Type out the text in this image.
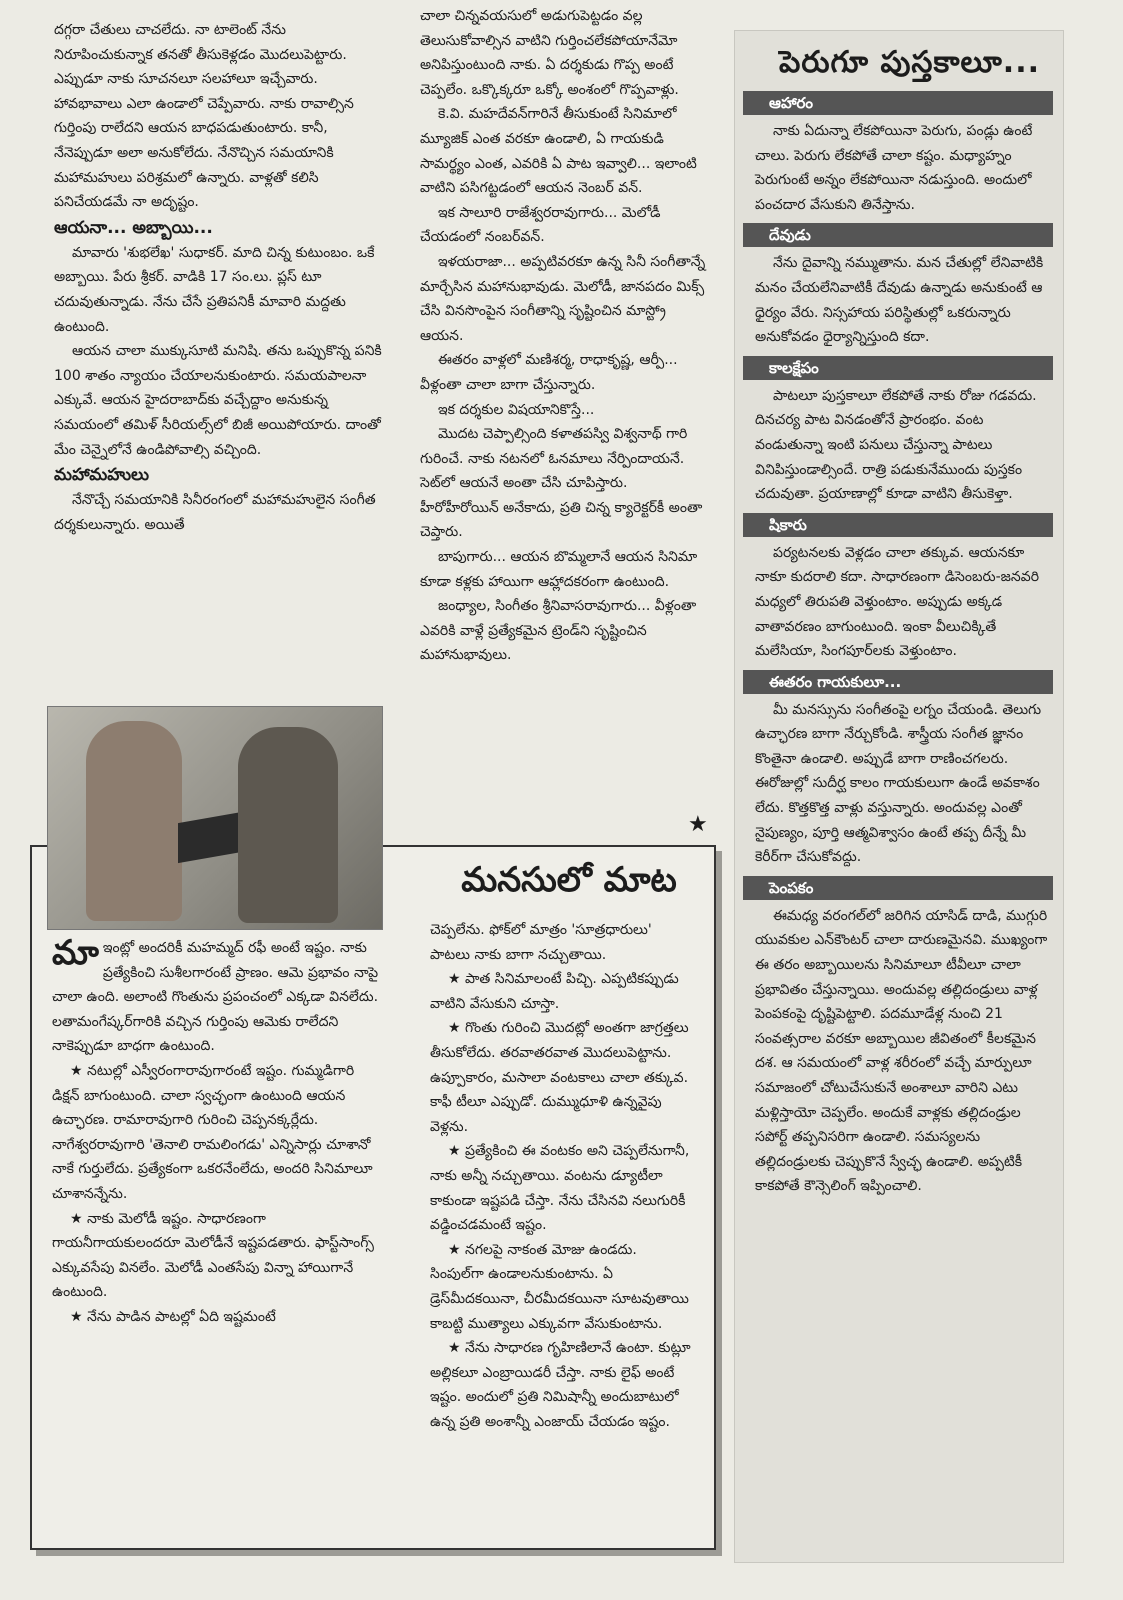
దగ్గరా చేతులు చాచలేదు. నా టాలెంట్ నేను నిరూపించుకున్నాక తనతో తీసుకెళ్లడం మొదలుపెట్టారు. ఎప్పుడూ నాకు సూచనలూ సలహాలూ ఇచ్చేవారు. హావభావాలు ఎలా ఉండాలో చెప్పేవారు. నాకు రావాల్సిన గుర్తింపు రాలేదని ఆయన బాధపడుతుంటారు. కానీ, నేనెప్పుడూ అలా అనుకోలేదు. నేనొచ్చిన సమయానికి మహామహులు పరిశ్రమలో ఉన్నారు. వాళ్లతో కలిసి పనిచేయడమే నా అదృష్టం.

ఆయనా... అబ్బాయి...

మావారు 'శుభలేఖ' సుధాకర్. మాది చిన్న కుటుంబం. ఒకే అబ్బాయి. పేరు శ్రీకర్. వాడికి 17 సం.లు. ప్లస్ టూ చదువుతున్నాడు. నేను చేసే ప్రతిపనికీ మావారి మద్దతు ఉంటుంది.

ఆయన చాలా ముక్కుసూటి మనిషి. తను ఒప్పుకొన్న పనికి 100 శాతం న్యాయం చేయాలనుకుంటారు. సమయపాలనా ఎక్కువే. ఆయన హైదరాబాద్‌కు వచ్చేద్దాం అనుకున్న సమయంలో తమిళ్ సీరియల్స్‌లో బిజీ అయిపోయారు. దాంతో మేం చెన్నైలోనే ఉండిపోవాల్సి వచ్చింది.

మహామహులు

నేనొచ్చే సమయానికి సినీరంగంలో మహామహులైన సంగీత దర్శకులున్నారు. అయితే

చాలా చిన్నవయసులో అడుగుపెట్టడం వల్ల తెలుసుకోవాల్సిన వాటిని గుర్తించలేకపోయానేమో అనిపిస్తుంటుంది నాకు. ఏ దర్శకుడు గొప్ప అంటే చెప్పలేం. ఒక్కొక్కరూ ఒక్కో అంశంలో గొప్పవాళ్లు.

కె.వి. మహదేవన్‌గారినే తీసుకుంటే సినిమాలో మ్యూజిక్ ఎంత వరకూ ఉండాలి, ఏ గాయకుడి సామర్థ్యం ఎంత, ఎవరికి ఏ పాట ఇవ్వాలి... ఇలాంటి వాటిని పసిగట్టడంలో ఆయన నెంబర్ వన్.

ఇక సాలూరి రాజేశ్వరరావుగారు... మెలోడీ చేయడంలో నంబర్‌వన్.

ఇళయరాజా... అప్పటివరకూ ఉన్న సినీ సంగీతాన్నే మార్చేసిన మహానుభావుడు. మెలోడీ, జానపదం మిక్స్ చేసి వినసొంపైన సంగీతాన్ని సృష్టించిన మాస్ట్రో ఆయన.

ఈతరం వాళ్లలో మణిశర్మ, రాధాకృష్ణ, ఆర్పీ... వీళ్లంతా చాలా బాగా చేస్తున్నారు.

ఇక దర్శకుల విషయానికొస్తే...

మొదట చెప్పాల్సింది కళాతపస్వి విశ్వనాథ్ గారి గురించే. నాకు నటనలో ఓనమాలు నేర్పిందాయనే. సెట్‌లో ఆయనే అంతా చేసి చూపిస్తారు. హీరోహీరోయిన్ అనేకాదు, ప్రతి చిన్న క్యారెక్టర్‌కీ అంతా చెప్తారు.

బాపుగారు... ఆయన బొమ్మలానే ఆయన సినిమా కూడా కళ్లకు హాయిగా ఆహ్లాదకరంగా ఉంటుంది.

జంధ్యాల, సింగీతం శ్రీనివాసరావుగారు... వీళ్లంతా ఎవరికి వాళ్లే ప్రత్యేకమైన ట్రెండ్‌ని సృష్టించిన మహానుభావులు.

★
పెరుగూ పుస్తకాలూ...
ఆహారం

నాకు ఏదున్నా లేకపోయినా పెరుగు, పండ్లు ఉంటే చాలు. పెరుగు లేకపోతే చాలా కష్టం. మధ్యాహ్నం పెరుగుంటే అన్నం లేకపోయినా నడుస్తుంది. అందులో పంచదార వేసుకుని తినేస్తాను.

దేవుడు

నేను దైవాన్ని నమ్ముతాను. మన చేతుల్లో లేనివాటికి మనం చేయలేనివాటికీ దేవుడు ఉన్నాడు అనుకుంటే ఆ ధైర్యం వేరు. నిస్సహాయ పరిస్థితుల్లో ఒకరున్నారు అనుకోవడం ధైర్యాన్నిస్తుంది కదా.

కాలక్షేపం

పాటలూ పుస్తకాలూ లేకపోతే నాకు రోజు గడవదు. దినచర్య పాట వినడంతోనే ప్రారంభం. వంట వండుతున్నా ఇంటి పనులు చేస్తున్నా పాటలు వినిపిస్తుండాల్సిందే. రాత్రి పడుకునేముందు పుస్తకం చదువుతా. ప్రయాణాల్లో కూడా వాటిని తీసుకెళ్తా.

షికారు

పర్యటనలకు వెళ్లడం చాలా తక్కువ. ఆయనకూ నాకూ కుదరాలి కదా. సాధారణంగా డిసెంబరు-జనవరి మధ్యలో తిరుపతి వెళ్తుంటాం. అప్పుడు అక్కడ వాతావరణం బాగుంటుంది. ఇంకా వీలుచిక్కితే మలేసియా, సింగపూర్‌లకు వెళ్తుంటాం.

ఈతరం గాయకులూ...

మీ మనస్సును సంగీతంపై లగ్నం చేయండి. తెలుగు ఉచ్ఛారణ బాగా నేర్చుకోండి. శాస్త్రీయ సంగీత జ్ఞానం కొంతైనా ఉండాలి. అప్పుడే బాగా రాణించగలరు. ఈరోజుల్లో సుదీర్ఘ కాలం గాయకులుగా ఉండే అవకాశం లేదు. కొత్తకొత్త వాళ్లు వస్తున్నారు. అందువల్ల ఎంతో నైపుణ్యం, పూర్తి ఆత్మవిశ్వాసం ఉంటే తప్ప దీన్నే మీ కెరీర్‌గా చేసుకోవద్దు.

పెంపకం

ఈమధ్య వరంగల్‌లో జరిగిన యాసిడ్ దాడి, ముగ్గురి యువకుల ఎన్‌కౌంటర్ చాలా దారుణమైనవి. ముఖ్యంగా ఈ తరం అబ్బాయిలను సినిమాలూ టీవీలూ చాలా ప్రభావితం చేస్తున్నాయి. అందువల్ల తల్లిదండ్రులు వాళ్ల పెంపకంపై దృష్టిపెట్టాలి. పదమూడేళ్ల నుంచి 21 సంవత్సరాల వరకూ అబ్బాయిల జీవితంలో కీలకమైన దశ. ఆ సమయంలో వాళ్ల శరీరంలో వచ్చే మార్పులూ సమాజంలో చోటుచేసుకునే అంశాలూ వారిని ఎటు మళ్లిస్తాయో చెప్పలేం. అందుకే వాళ్లకు తల్లిదండ్రుల సపోర్ట్ తప్పనిసరిగా ఉండాలి. సమస్యలను తల్లిదండ్రులకు చెప్పుకొనే స్వేచ్ఛ ఉండాలి. అప్పటికీ కాకపోతే కౌన్సెలింగ్ ఇప్పించాలి.

మనసులో మాట
మా ఇంట్లో అందరికీ మహమ్మద్ రఫీ అంటే ఇష్టం. నాకు ప్రత్యేకించి సుశీలగారంటే ప్రాణం. ఆమె ప్రభావం నాపై చాలా ఉంది. అలాంటి గొంతును ప్రపంచంలో ఎక్కడా వినలేదు. లతామంగేష్కర్‌గారికి వచ్చిన గుర్తింపు ఆమెకు రాలేదని నాకెప్పుడూ బాధగా ఉంటుంది.

★ నటుల్లో ఎస్వీరంగారావుగారంటే ఇష్టం. గుమ్మడిగారి డిక్షన్ బాగుంటుంది. చాలా స్వచ్ఛంగా ఉంటుంది ఆయన ఉచ్ఛారణ. రామారావుగారి గురించి చెప్పనక్కర్లేదు. నాగేశ్వరరావుగారి 'తెనాలి రామలింగడు' ఎన్నిసార్లు చూశానో నాకే గుర్తులేదు. ప్రత్యేకంగా ఒకరనేంలేదు, అందరి సినిమాలూ చూశానన్నేను.

★ నాకు మెలోడీ ఇష్టం. సాధారణంగా గాయనీగాయకులందరూ మెలోడీనే ఇష్టపడతారు. ఫాస్ట్‌సాంగ్స్ ఎక్కువసేపు వినలేం. మెలోడీ ఎంతసేపు విన్నా హాయిగానే ఉంటుంది.

★ నేను పాడిన పాటల్లో ఏది ఇష్టమంటే

చెప్పలేను. ఫోక్‌లో మాత్రం 'సూత్రధారులు' పాటలు నాకు బాగా నచ్చుతాయి.

★ పాత సినిమాలంటే పిచ్చి. ఎప్పటికప్పుడు వాటిని వేసుకుని చూస్తా.

★ గొంతు గురించి మొదట్లో అంతగా జాగ్రత్తలు తీసుకోలేదు. తరవాతరవాత మొదలుపెట్టాను. ఉప్పూకారం, మసాలా వంటకాలు చాలా తక్కువ. కాఫీ టీలూ ఎప్పుడో. దుమ్ముధూళి ఉన్నవైపు వెళ్లను.

★ ప్రత్యేకించి ఈ వంటకం అని చెప్పలేనుగానీ, నాకు అన్నీ నచ్చుతాయి. వంటను డ్యూటీలా కాకుండా ఇష్టపడి చేస్తా. నేను చేసినవి నలుగురికీ వడ్డించడమంటే ఇష్టం.

★ నగలపై నాకంత మోజు ఉండదు. సింపుల్‌గా ఉండాలనుకుంటాను. ఏ డ్రెస్‌మీదకయినా, చీరమీదకయినా సూటవుతాయి కాబట్టి ముత్యాలు ఎక్కువగా వేసుకుంటాను.

★ నేను సాధారణ గృహిణిలానే ఉంటా. కుట్లూ అల్లికలూ ఎంబ్రాయిడరీ చేస్తా. నాకు లైఫ్ అంటే ఇష్టం. అందులో ప్రతి నిమిషాన్నీ అందుబాటులో ఉన్న ప్రతి అంశాన్నీ ఎంజాయ్ చేయడం ఇష్టం.
